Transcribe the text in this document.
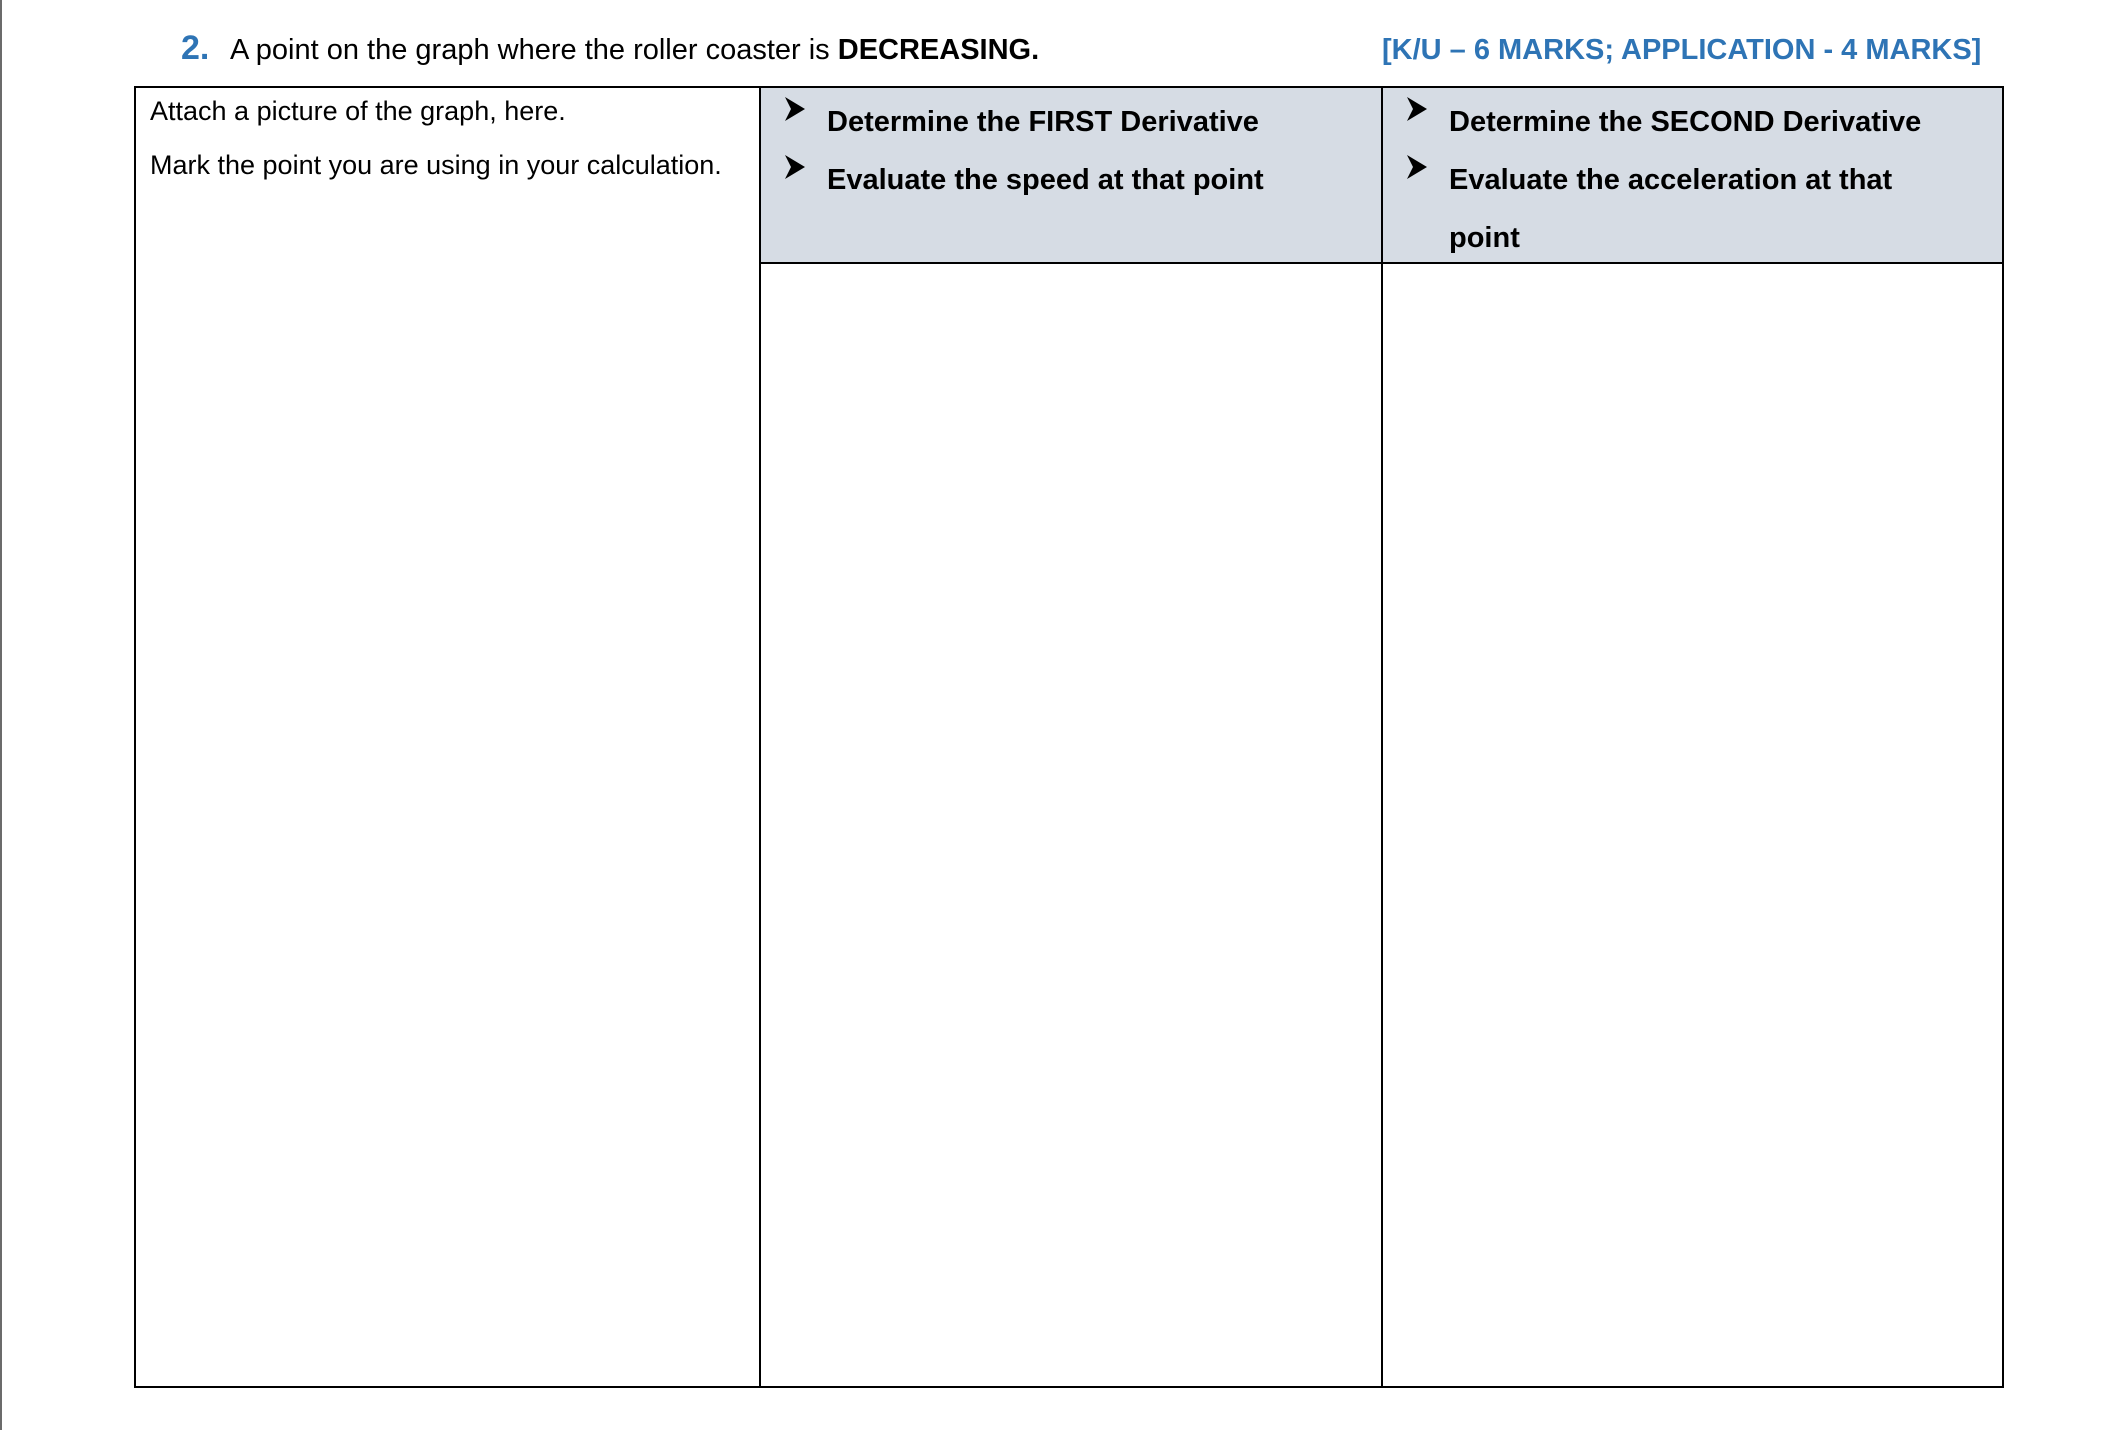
2. A point on the graph where the roller coaster is DECREASING.	[K/U – 6 MARKS; APPLICATION - 4 MARKS]
Attach a picture of the graph, here.
Mark the point you are using in your calculation.
Determine the FIRST Derivative
Evaluate the speed at that point
Determine the SECOND Derivative
Evaluate the acceleration at that point
